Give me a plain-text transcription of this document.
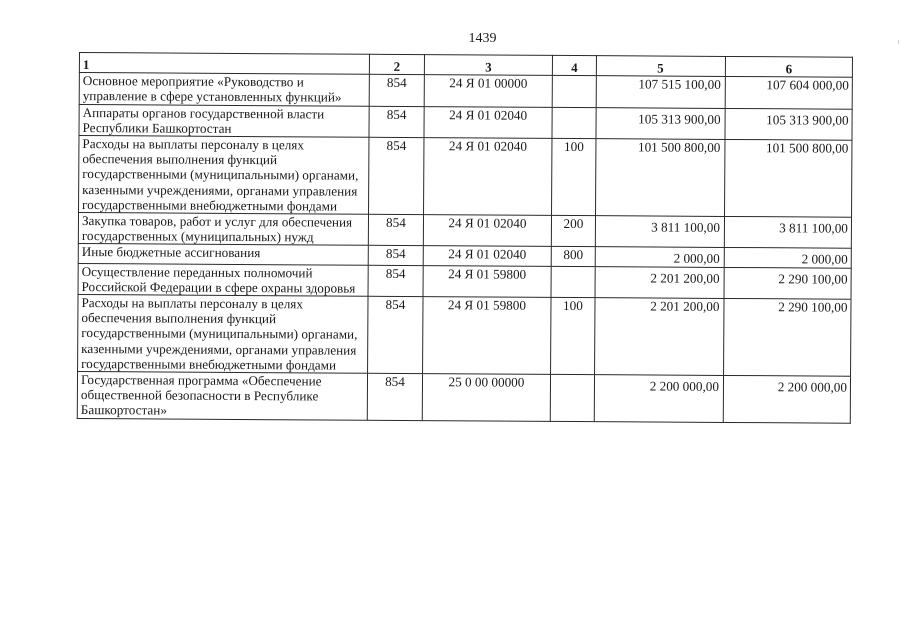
1439
1	2	3	4	5	6
Основное мероприятие «Руководство и управление в сфере установленных функций»	854	24 Я 01 00000		107 515 100,00	107 604 000,00
Аппараты органов государственной власти Республики Башкортостан	854	24 Я 01 02040		105 313 900,00	105 313 900,00
Расходы на выплаты персоналу в целях обеспечения выполнения функций государственными (муниципальными) органами, казенными учреждениями, органами управления государственными внебюджетными фондами	854	24 Я 01 02040	100	101 500 800,00	101 500 800,00
Закупка товаров, работ и услуг для обеспечения государственных (муниципальных) нужд	854	24 Я 01 02040	200	3 811 100,00	3 811 100,00
Иные бюджетные ассигнования	854	24 Я 01 02040	800	2 000,00	2 000,00
Осуществление переданных полномочий Российской Федерации в сфере охраны здоровья	854	24 Я 01 59800		2 201 200,00	2 290 100,00
Расходы на выплаты персоналу в целях обеспечения выполнения функций государственными (муниципальными) органами, казенными учреждениями, органами управления государственными внебюджетными фондами	854	24 Я 01 59800	100	2 201 200,00	2 290 100,00
Государственная программа «Обеспечение общественной безопасности в Республике Башкортостан»	854	25 0 00 00000		2 200 000,00	2 200 000,00
